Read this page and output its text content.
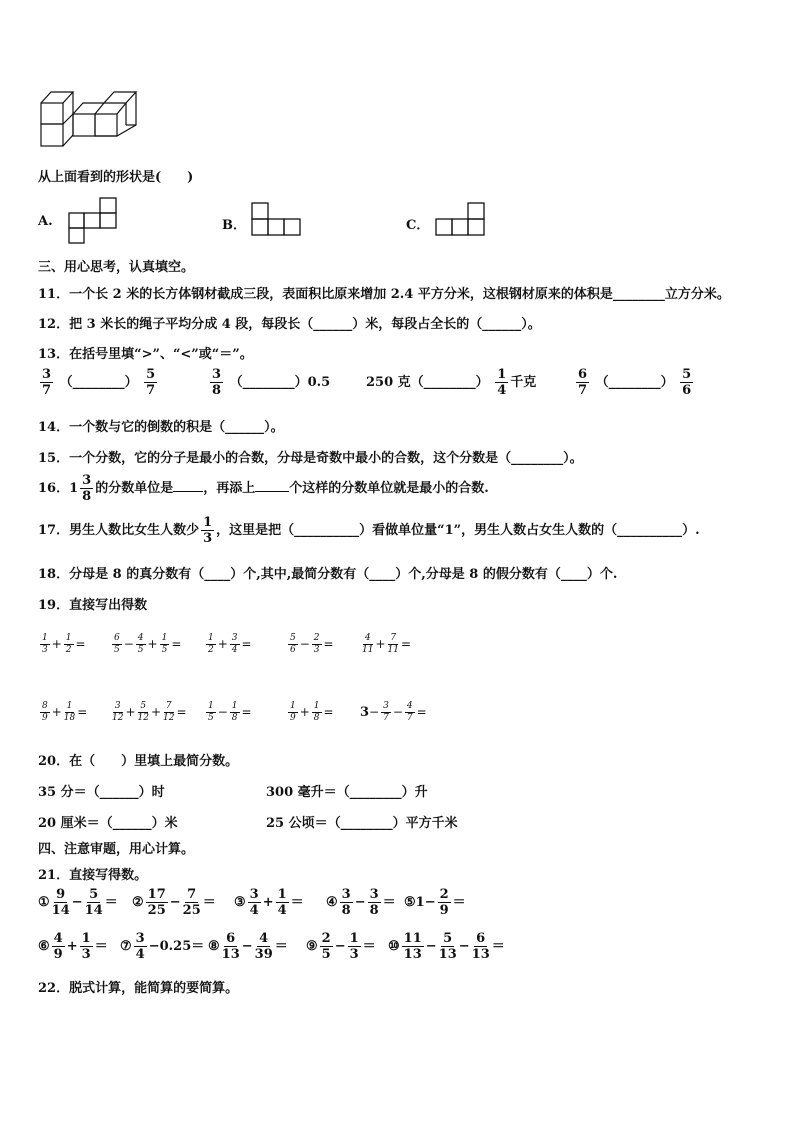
从上面看到的形状是(　　)
A.	B．	C．
三、用心思考，认真填空。
11．一个长 2 米的长方体钢材截成三段，表面积比原来增加 2.4 平方分米，这根钢材原来的体积是________立方分米。
12．把 3 米长的绳子平均分成 4 段，每段长（______）米，每段占全长的（______）。
13．在括号里填“>”、“<”或“＝”。
$\frac{3}{7}$ （________） $\frac{5}{7}$	$\frac{3}{8}$ （________）0.5	250 克（________） $\frac{1}{4}$ 千克	$\frac{6}{7}$ （________） $\frac{5}{6}$
14．一个数与它的倒数的积是（______）。
15．一个分数，它的分子是最小的合数，分母是奇数中最小的合数，这个分数是（________）。
16．$1 \frac{3}{8}$ 的分数单位是 ，再添上	个这样的分数单位就是最小的合数.
17．男生人数比女生人数少 $\frac{1}{3}$ ，这里是把（__________）看做单位量“1”，男生人数占女生人数的（__________）.
18．分母是 8 的真分数有（____）个,其中,最简分数有（____）个,分母是 8 的假分数有（____）个.
19．直接写出得数
$\frac{1}{3} + \frac{1}{2}$ =	$\frac{6}{5} - \frac{4}{5} + \frac{1}{5}$ =	$\frac{1}{2} + \frac{3}{4}$ =	$\frac{5}{6} - \frac{2}{3}$ =	$\frac{4}{11} + \frac{7}{11}$ =
$\frac{8}{9} + \frac{1}{18}$ =	$\frac{3}{12} + \frac{5}{12} + \frac{7}{12} = \frac{1}{5} - \frac{1}{8}$ =	$\frac{1}{9} + \frac{1}{8} = 3- \frac{3}{7} - \frac{4}{7}$ =
20．在（　　）里填上最简分数。
35 分＝（______）时	300 毫升＝（________）升
20 厘米＝（______）米	25 公顷＝（________）平方千米
四、注意审题，用心计算。
21．直接写得数。
① $\frac{9}{14} - \frac{5}{14}$ ＝ ② $\frac{17}{25} - \frac{7}{25}$ ＝ ③ $\frac{3}{4} + \frac{1}{4}$ ＝ ④ $\frac{3}{8} - \frac{3}{8}$ ＝ ⑤1− $\frac{2}{9}$ ＝
⑥ $\frac{4}{9} + \frac{1}{3}$ ＝ ⑦ $\frac{3}{4} -0.25=$ ⑧ $\frac{6}{13} - \frac{4}{39}$ ＝ ⑨ $\frac{2}{5} - \frac{1}{3}$ ＝ ⑩ $\frac{11}{13} - \frac{5}{13} - \frac{6}{13}$ ＝
22．脱式计算，能简算的要简算。
